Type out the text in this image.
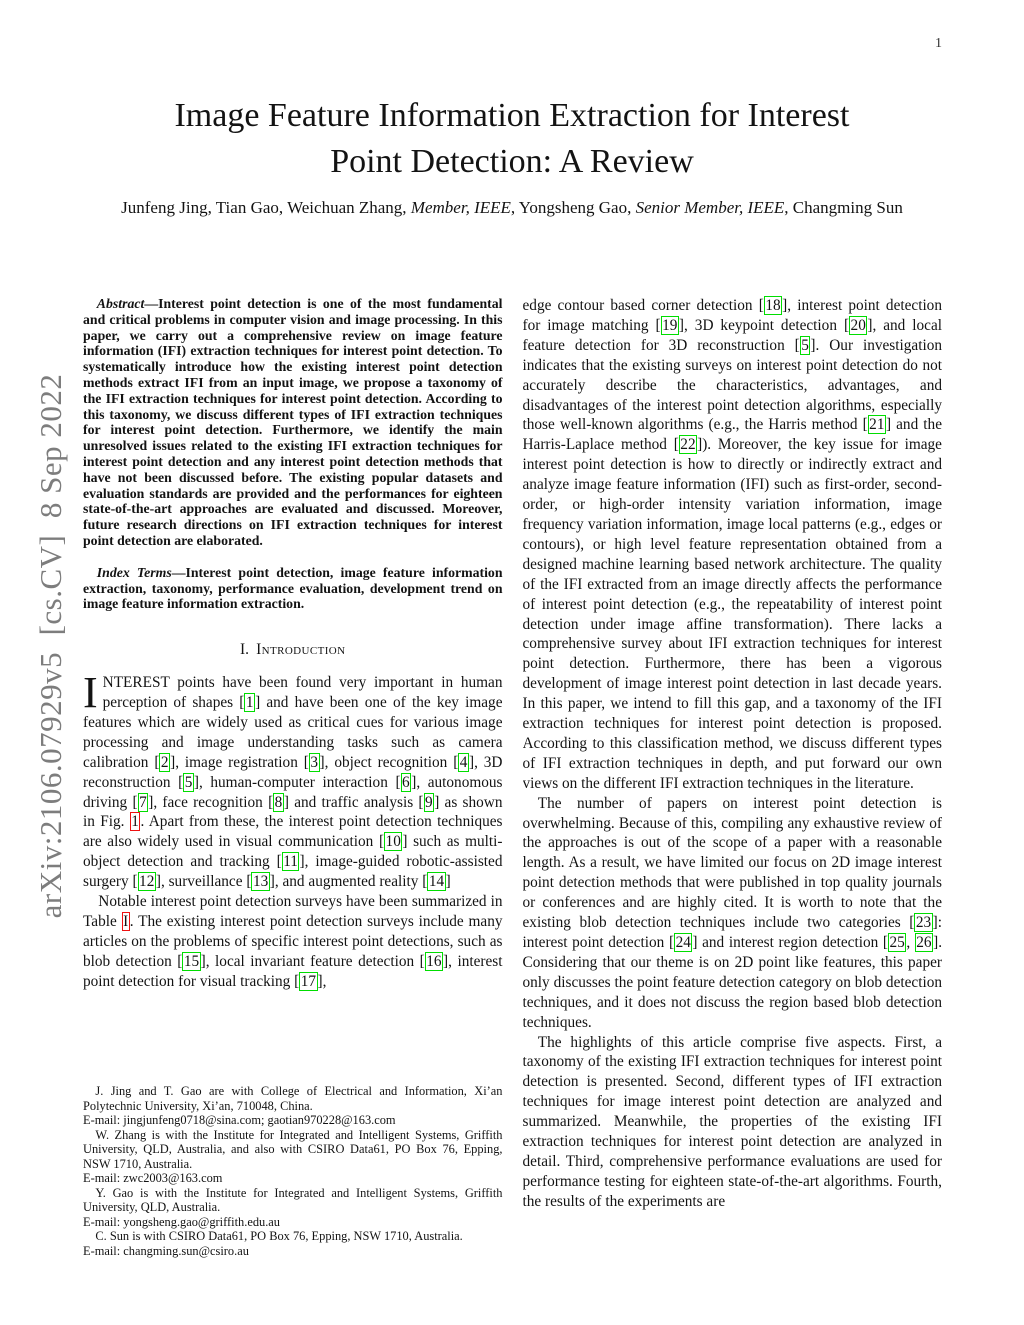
1
arXiv:2106.07929v5  [cs.CV]  8 Sep 2022
Image Feature Information Extraction for Interest
Point Detection: A Review
Junfeng Jing, Tian Gao, Weichuan Zhang, Member, IEEE, Yongsheng Gao, Senior Member, IEEE, Changming Sun

Abstract—Interest point detection is one of the most fundamental and critical problems in computer vision and image processing. In this paper, we carry out a comprehensive review on image feature information (IFI) extraction techniques for interest point detection. To systematically introduce how the existing interest point detection methods extract IFI from an input image, we propose a taxonomy of the IFI extraction techniques for interest point detection. According to this taxonomy, we discuss different types of IFI extraction techniques for interest point detection. Furthermore, we identify the main unresolved issues related to the existing IFI extraction techniques for interest point detection and any interest point detection methods that have not been discussed before. The existing popular datasets and evaluation standards are provided and the performances for eighteen state-of-the-art approaches are evaluated and discussed. Moreover, future research directions on IFI extraction techniques for interest point detection are elaborated.

Index Terms—Interest point detection, image feature information extraction, taxonomy, performance evaluation, development trend on image feature information extraction.

I. Introduction

INTEREST points have been found very important in human perception of shapes [1] and have been one of the key image features which are widely used as critical cues for various image processing and image understanding tasks such as camera calibration [2], image registration [3], object recognition [4], 3D reconstruction [5], human-computer interaction [6], autonomous driving [7], face recognition [8] and traffic analysis [9] as shown in Fig. 1. Apart from these, the interest point detection techniques are also widely used in visual communication [10] such as multi-object detection and tracking [11], image-guided robotic-assisted surgery [12], surveillance [13], and augmented reality [14]

Notable interest point detection surveys have been summarized in Table I. The existing interest point detection surveys include many articles on the problems of specific interest point detections, such as blob detection [15], local invariant feature detection [16], interest point detection for visual tracking [17],

J. Jing and T. Gao are with College of Electrical and Information, Xi’an Polytechnic University, Xi’an, 710048, China.

E-mail: jingjunfeng0718@sina.com; gaotian970228@163.com

W. Zhang is with the Institute for Integrated and Intelligent Systems, Griffith University, QLD, Australia, and also with CSIRO Data61, PO Box 76, Epping, NSW 1710, Australia.

E-mail: zwc2003@163.com

Y. Gao is with the Institute for Integrated and Intelligent Systems, Griffith University, QLD, Australia.

E-mail: yongsheng.gao@griffith.edu.au

C. Sun is with CSIRO Data61, PO Box 76, Epping, NSW 1710, Australia.

E-mail: changming.sun@csiro.au

edge contour based corner detection [18], interest point detection for image matching [19], 3D keypoint detection [20], and local feature detection for 3D reconstruction [5]. Our investigation indicates that the existing surveys on interest point detection do not accurately describe the characteristics, advantages, and disadvantages of the interest point detection algorithms, especially those well-known algorithms (e.g., the Harris method [21] and the Harris-Laplace method [22]). Moreover, the key issue for image interest point detection is how to directly or indirectly extract and analyze image feature information (IFI) such as first-order, second-order, or high-order intensity variation information, image frequency variation information, image local patterns (e.g., edges or contours), or high level feature representation obtained from a designed machine learning based network architecture. The quality of the IFI extracted from an image directly affects the performance of interest point detection (e.g., the repeatability of interest point detection under image affine transformation). There lacks a comprehensive survey about IFI extraction techniques for interest point detection. Furthermore, there has been a vigorous development of image interest point detection in last decade years. In this paper, we intend to fill this gap, and a taxonomy of the IFI extraction techniques for interest point detection is proposed. According to this classification method, we discuss different types of IFI extraction techniques in depth, and put forward our own views on the different IFI extraction techniques in the literature.

The number of papers on interest point detection is overwhelming. Because of this, compiling any exhaustive review of the approaches is out of the scope of a paper with a reasonable length. As a result, we have limited our focus on 2D image interest point detection methods that were published in top quality journals or conferences and are highly cited. It is worth to note that the existing blob detection techniques include two categories [23]: interest point detection [24] and interest region detection [25, 26]. Considering that our theme is on 2D point like features, this paper only discusses the point feature detection category on blob detection techniques, and it does not discuss the region based blob detection techniques.

The highlights of this article comprise five aspects. First, a taxonomy of the existing IFI extraction techniques for interest point detection is presented. Second, different types of IFI extraction techniques for image interest point detection are analyzed and summarized. Meanwhile, the properties of the existing IFI extraction techniques for interest point detection are analyzed in detail. Third, comprehensive performance evaluations are used for performance testing for eighteen state-of-the-art algorithms. Fourth, the results of the experiments are
